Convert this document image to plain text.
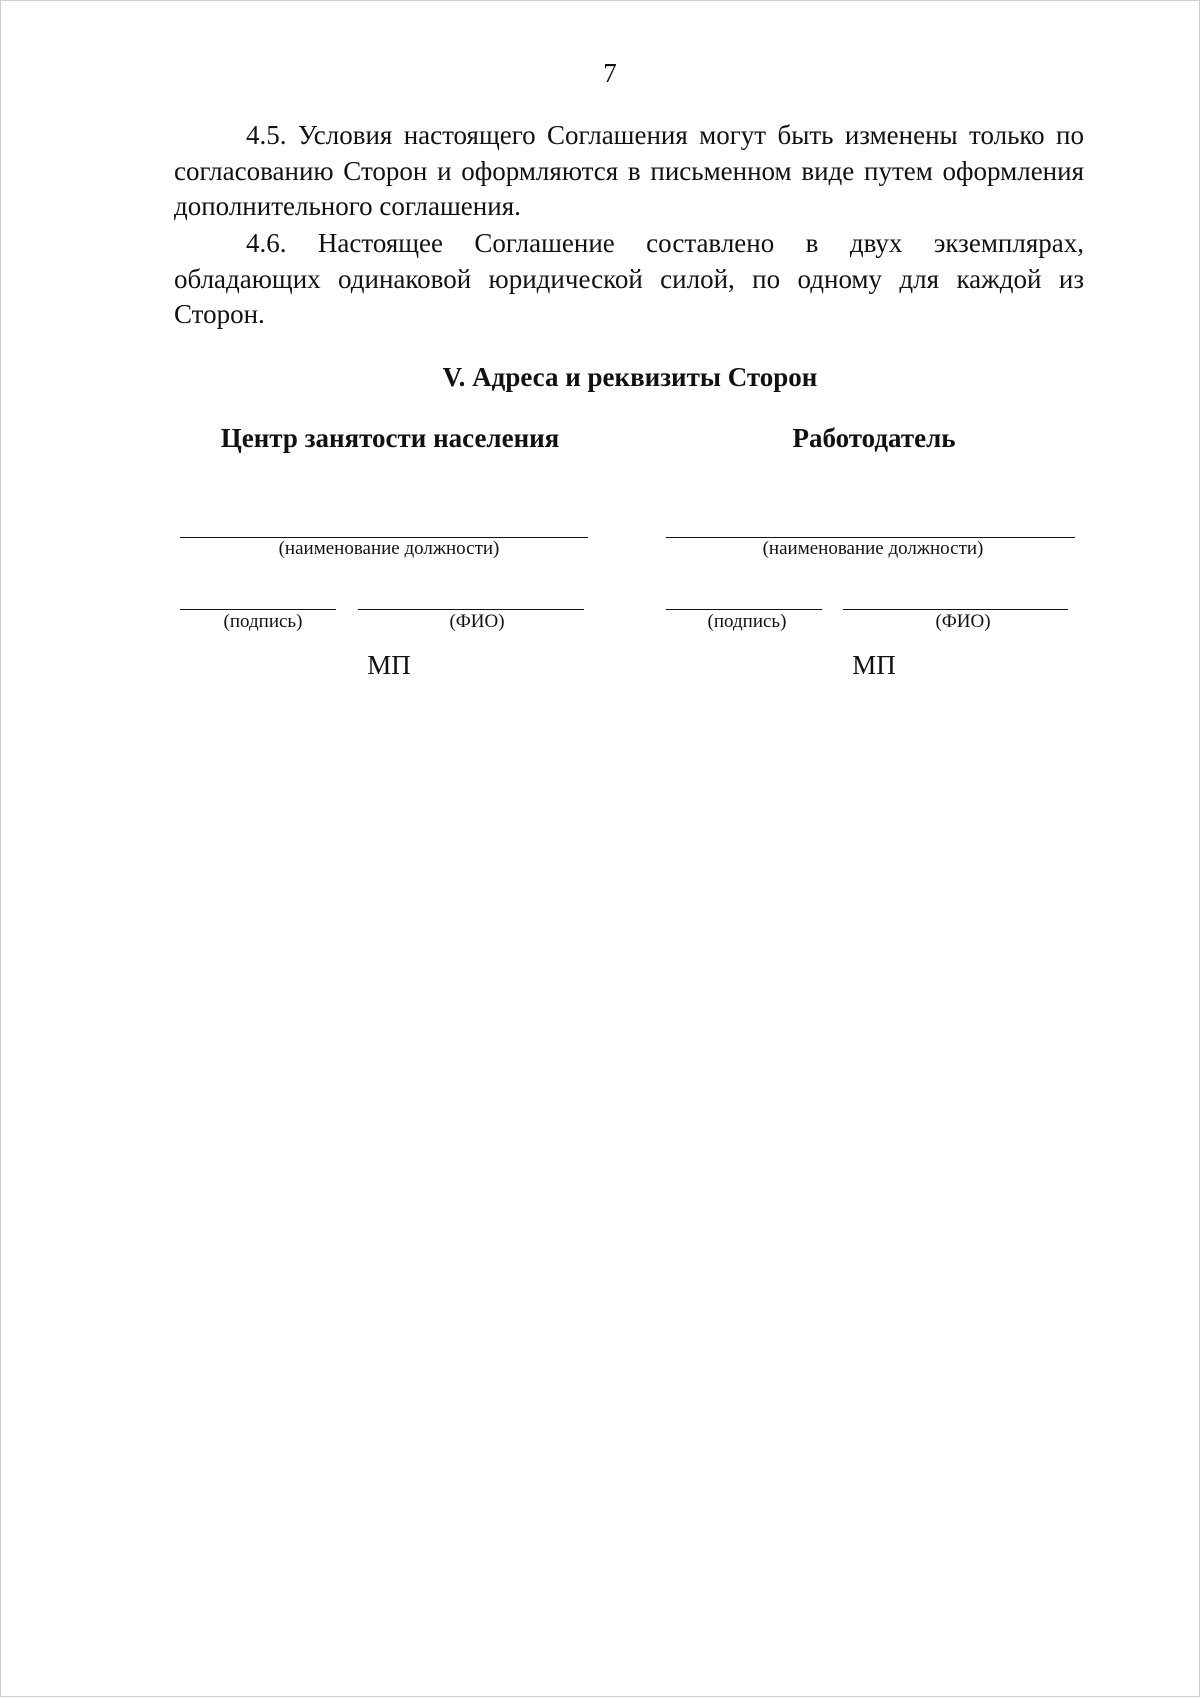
7

4.5. Условия настоящего Соглашения могут быть изменены только по согласованию Сторон и оформляются в письменном виде путем оформления дополнительного соглашения.

4.6. Настоящее Соглашение составлено в двух экземплярах, обладающих одинаковой юридической силой, по одному для каждой из Сторон.

V. Адреса и реквизиты Сторон
Центр занятости населения
(наименование должности)
(подпись)	(ФИО)
МП
Работодатель
(наименование должности)
(подпись)	(ФИО)
МП
